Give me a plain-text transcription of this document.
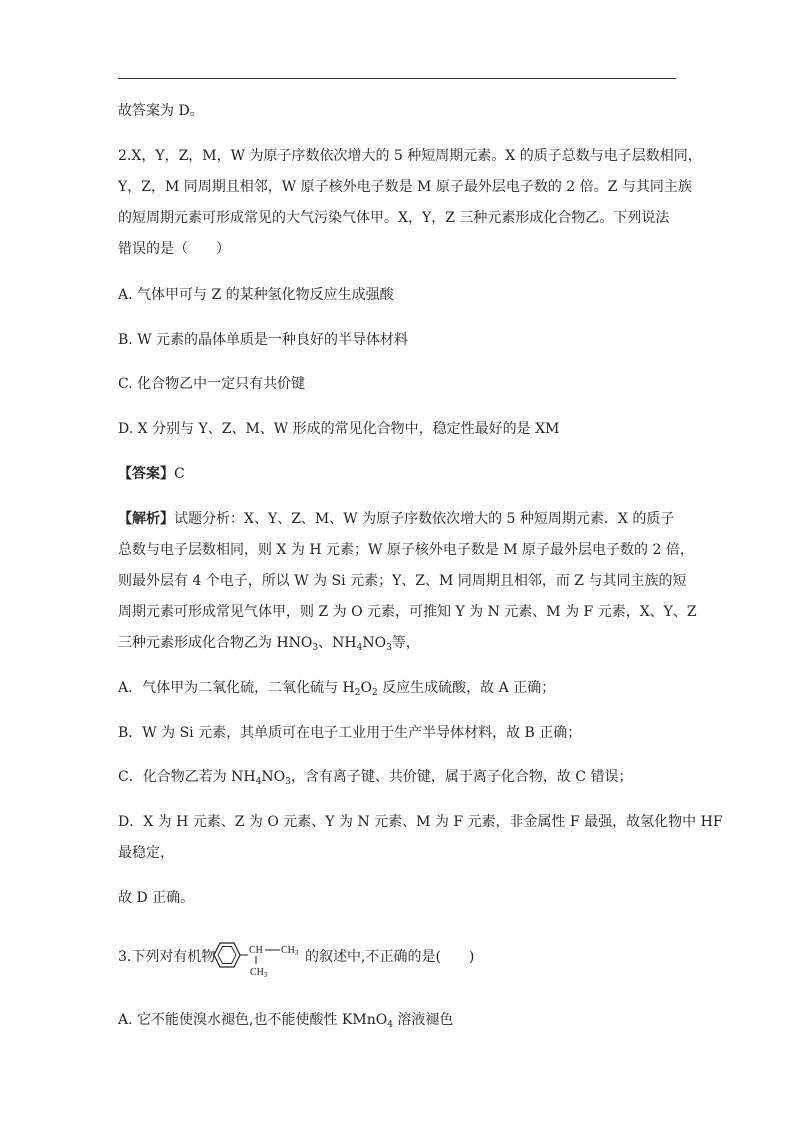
故答案为 D。
2.X，Y，Z，M，W 为原子序数依次增大的 5 种短周期元素。X 的质子总数与电子层数相同，
Y，Z，M 同周期且相邻，W 原子核外电子数是 M 原子最外层电子数的 2 倍。Z 与其同主族
的短周期元素可形成常见的大气污染气体甲。X，Y，Z 三种元素形成化合物乙。下列说法
错误的是（　　）
A. 气体甲可与 Z 的某种氢化物反应生成强酸
B. W 元素的晶体单质是一种良好的半导体材料
C. 化合物乙中一定只有共价键
D. X 分别与 Y、Z、M、W 形成的常见化合物中，稳定性最好的是 XM
【答案】C
【解析】试题分析：X、Y、Z、M、W 为原子序数依次增大的 5 种短周期元素．X 的质子
总数与电子层数相同，则 X 为 H 元素；W 原子核外电子数是 M 原子最外层电子数的 2 倍，
则最外层有 4 个电子，所以 W 为 Si 元素；Y、Z、M 同周期且相邻，而 Z 与其同主族的短
周期元素可形成常见气体甲，则 Z 为 O 元素，可推知 Y 为 N 元素、M 为 F 元素，X、Y、Z
三种元素形成化合物乙为 $HNO_3$、$NH_4NO_3$等，
A．气体甲为二氧化硫，二氧化硫与 $H_2O_2$ 反应生成硫酸，故 A 正确；
B．W 为 Si 元素，其单质可在电子工业用于生产半导体材料，故 B 正确；
C．化合物乙若为 $NH_4NO_3$，含有离子键、共价键，属于离子化合物，故 C 错误；
D．X 为 H 元素、Z 为 O 元素、Y 为 N 元素、M 为 F 元素，非金属性 F 最强，故氢化物中 HF
最稳定，
故 D 正确。
3.下列对有机物	CH $CH_3$
$CH_3$
的叙述中,不正确的是(　　)
A. 它不能使溴水褪色,也不能使酸性 KMnO$_4$ 溶液褪色
